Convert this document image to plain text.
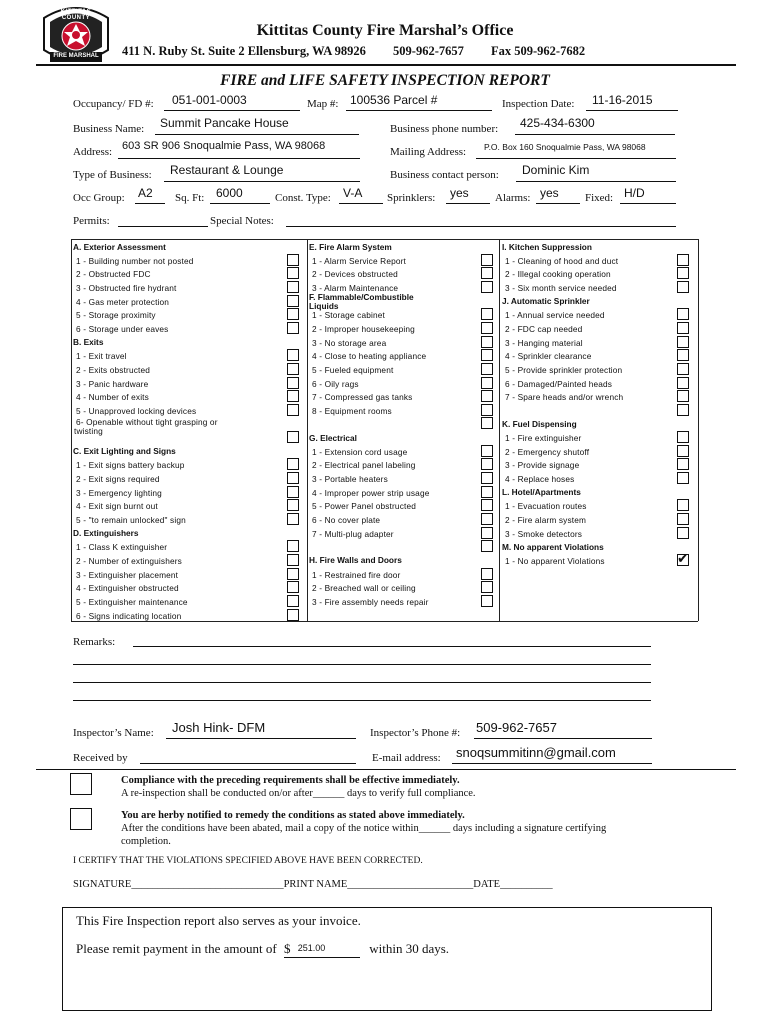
KITTITAS COUNTY
FIRE MARSHAL
Kittitas County Fire Marshal’s Office
411 N. Ruby St. Suite 2 Ellensburg, WA 98926 509-962-7657 Fax 509-962-7682
FIRE and LIFE SAFETY INSPECTION REPORT
Occupancy/ FD #: 051-001-0003	Map #: 100536 Parcel #	Inspection Date: 11-16-2015
Business Name: Summit Pancake House	Business phone number: 425-434-6300
Address: 603 SR 906 Snoqualmie Pass, WA 98068	Mailing Address: P.O. Box 160 Snoqualmie Pass, WA 98068
Type of Business: Restaurant & Lounge	Business contact person: Dominic Kim
Occ Group: A2 Sq. Ft: 6000	Const. Type: V-A Sprinklers: yes Alarms: yes Fixed: H/D
Permits:	Special Notes:
A. Exterior Assessment
1 - Building number not posted
2 - Obstructed FDC
3 - Obstructed fire hydrant
4 - Gas meter protection
5 - Storage proximity
6 - Storage under eaves
B. Exits
1 - Exit travel
2 - Exits obstructed
3 - Panic hardware
4 - Number of exits
5 - Unapproved locking devices
6- Openable without tight grasping or
twisting
C. Exit Lighting and Signs
1 - Exit signs battery backup
2 - Exit signs required
3 - Emergency lighting
4 - Exit sign burnt out
5 - "to remain unlocked" sign
D. Extinguishers
1 - Class K extinguisher
2 - Number of extinguishers
3 - Extinguisher placement
4 - Extinguisher obstructed
5 - Extinguisher maintenance
6 - Signs indicating location
E. Fire Alarm System
1 - Alarm Service Report
2 - Devices obstructed
3 - Alarm Maintenance
F. Flammable/Combustible
Liquids
1 - Storage cabinet
2 - Improper housekeeping
3 - No storage area
4 - Close to heating appliance
5 - Fueled equipment
6 - Oily rags
7 - Compressed gas tanks
8 - Equipment rooms
G. Electrical
1 - Extension cord usage
2 - Electrical panel labeling
3 - Portable heaters
4 - Improper power strip usage
5 - Power Panel obstructed
6 - No cover plate
7 - Multi-plug adapter
H. Fire Walls and Doors
1 - Restrained fire door
2 - Breached wall or ceiling
3 - Fire assembly needs repair
I. Kitchen Suppression
1 - Cleaning of hood and duct
2 - Illegal cooking operation
3 - Six month service needed
J. Automatic Sprinkler
1 - Annual service needed
2 - FDC cap needed
3 - Hanging material
4 - Sprinkler clearance
5 - Provide sprinkler protection
6 - Damaged/Painted heads
7 - Spare heads and/or wrench
K. Fuel Dispensing
1 - Fire extinguisher
2 - Emergency shutoff
3 - Provide signage
4 - Replace hoses
L. Hotel/Apartments
1 - Evacuation routes
2 - Fire alarm system
3 - Smoke detectors
M. No apparent Violations
1 - No apparent Violations	✔
Remarks:
Inspector’s Name: Josh Hink- DFM	Inspector’s Phone #: 509-962-7657
Received by	E-mail address: snoqsummitinn@gmail.com
Compliance with the preceding requirements shall be effective immediately.
A re-inspection shall be conducted on/or after______ days to verify full compliance.
You are herby notified to remedy the conditions as stated above immediately.
After the conditions have been abated, mail a copy of the notice within______ days including a signature certifying
completion.
I CERTIFY THAT THE VIOLATIONS SPECIFIED ABOVE HAVE BEEN CORRECTED.
SIGNATURE_____________________________PRINT NAME________________________DATE__________
This Fire Inspection report also serves as your invoice.
Please remit payment in the amount of $ 251.00	within 30 days.
